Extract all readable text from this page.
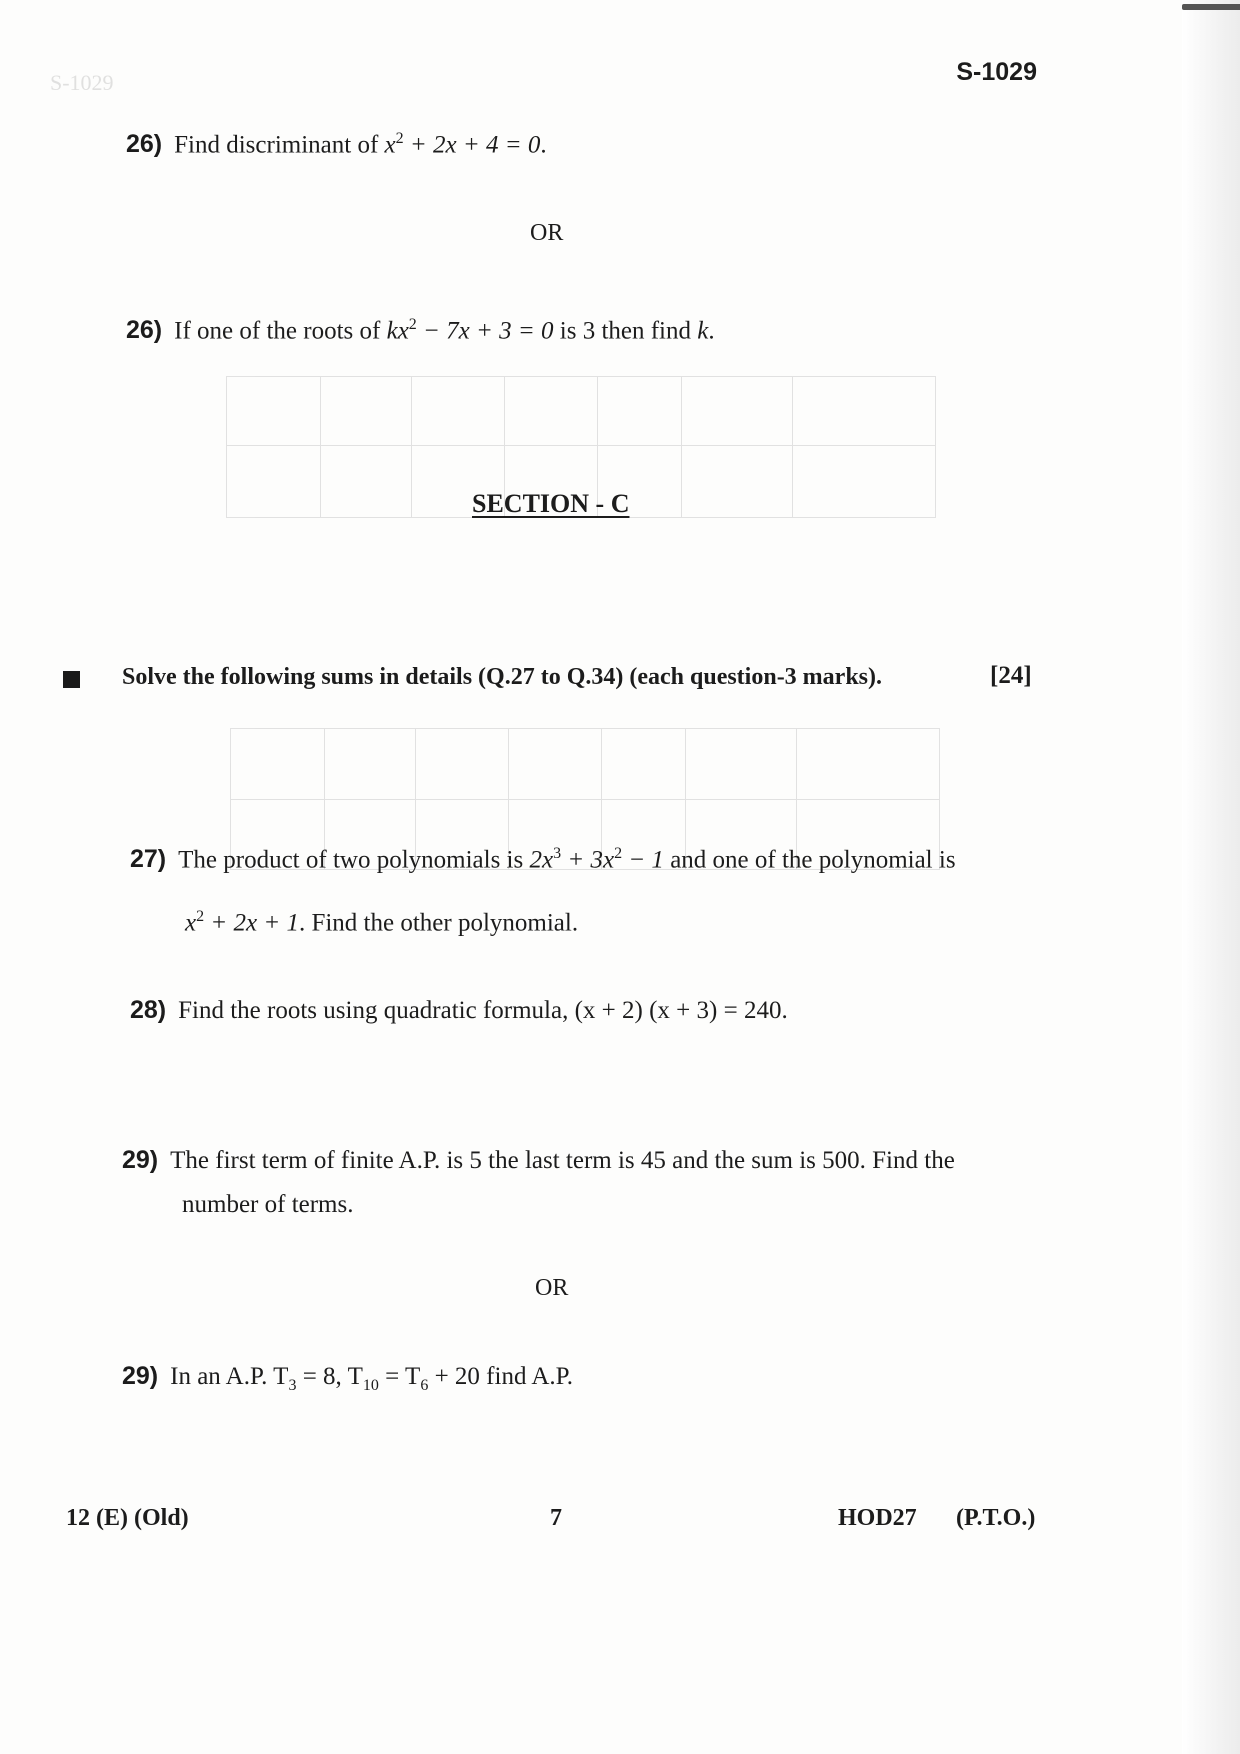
S-1029	S-1029
26) Find discriminant of $x^2 + 2x + 4 = 0$.
OR
26) If one of the roots of $kx^2 - 7x + 3 = 0$ is 3 then find k.
SECTION - C
Solve the following sums in details (Q.27 to Q.34) (each question-3 marks).	[24]
27) The product of two polynomials is $2x^3 + 3x^2 - 1$ and one of the polynomial is
$x^2 + 2x + 1$. Find the other polynomial.
28) Find the roots using quadratic formula, (x + 2) (x + 3) = 240.
29) The first term of finite A.P. is 5 the last term is 45 and the sum is 500. Find the
number of terms.
OR
29) In an A.P. $T_3 = 8$, $T_{10} = T_6 + 20$ find A.P.
12 (E) (Old)	7	HOD27 (P.T.O.)
